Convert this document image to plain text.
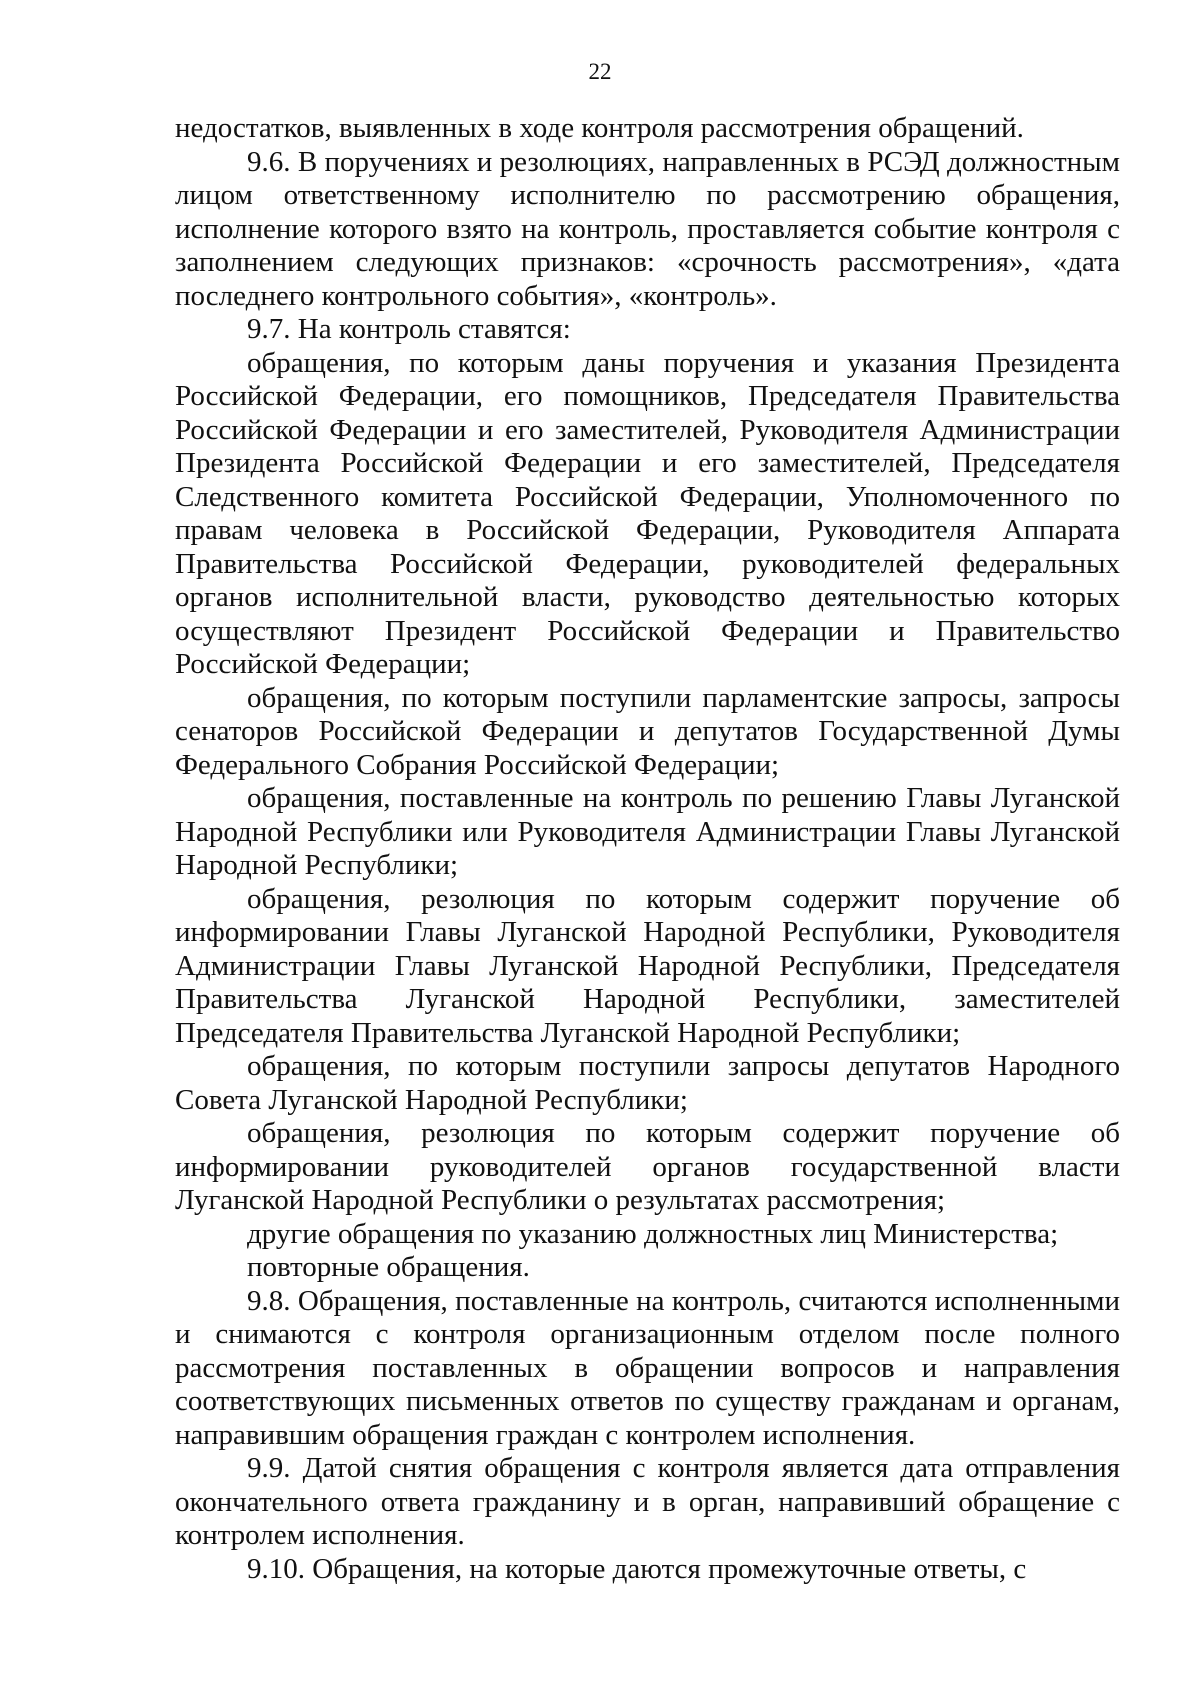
22

недостатков, выявленных в ходе контроля рассмотрения обращений.

9.6. В поручениях и резолюциях, направленных в РСЭД должностным лицом ответственному исполнителю по рассмотрению обращения, исполнение которого взято на контроль, проставляется событие контроля с заполнением следующих признаков: «срочность рассмотрения», «дата последнего контрольного события», «контроль».

9.7. На контроль ставятся:

обращения, по которым даны поручения и указания Президента Российской Федерации, его помощников, Председателя Правительства Российской Федерации и его заместителей, Руководителя Администрации Президента Российской Федерации и его заместителей, Председателя Следственного комитета Российской Федерации, Уполномоченного по правам человека в Российской Федерации, Руководителя Аппарата Правительства Российской Федерации, руководителей федеральных органов исполнительной власти, руководство деятельностью которых осуществляют Президент Российской Федерации и Правительство Российской Федерации;

обращения, по которым поступили парламентские запросы, запросы сенаторов Российской Федерации и депутатов Государственной Думы Федерального Собрания Российской Федерации;

обращения, поставленные на контроль по решению Главы Луганской Народной Республики или Руководителя Администрации Главы Луганской Народной Республики;

обращения, резолюция по которым содержит поручение об информировании Главы Луганской Народной Республики, Руководителя Администрации Главы Луганской Народной Республики, Председателя Правительства Луганской Народной Республики, заместителей Председателя Правительства Луганской Народной Республики;

обращения, по которым поступили запросы депутатов Народного Совета Луганской Народной Республики;

обращения, резолюция по которым содержит поручение об информировании руководителей органов государственной власти Луганской Народной Республики о результатах рассмотрения;

другие обращения по указанию должностных лиц Министерства;

повторные обращения.

9.8. Обращения, поставленные на контроль, считаются исполненными и снимаются с контроля организационным отделом после полного рассмотрения поставленных в обращении вопросов и направления соответствующих письменных ответов по существу гражданам и органам, направившим обращения граждан с контролем исполнения.

9.9. Датой снятия обращения с контроля является дата отправления окончательного ответа гражданину и в орган, направивший обращение с контролем исполнения.

9.10. Обращения, на которые даются промежуточные ответы, с
